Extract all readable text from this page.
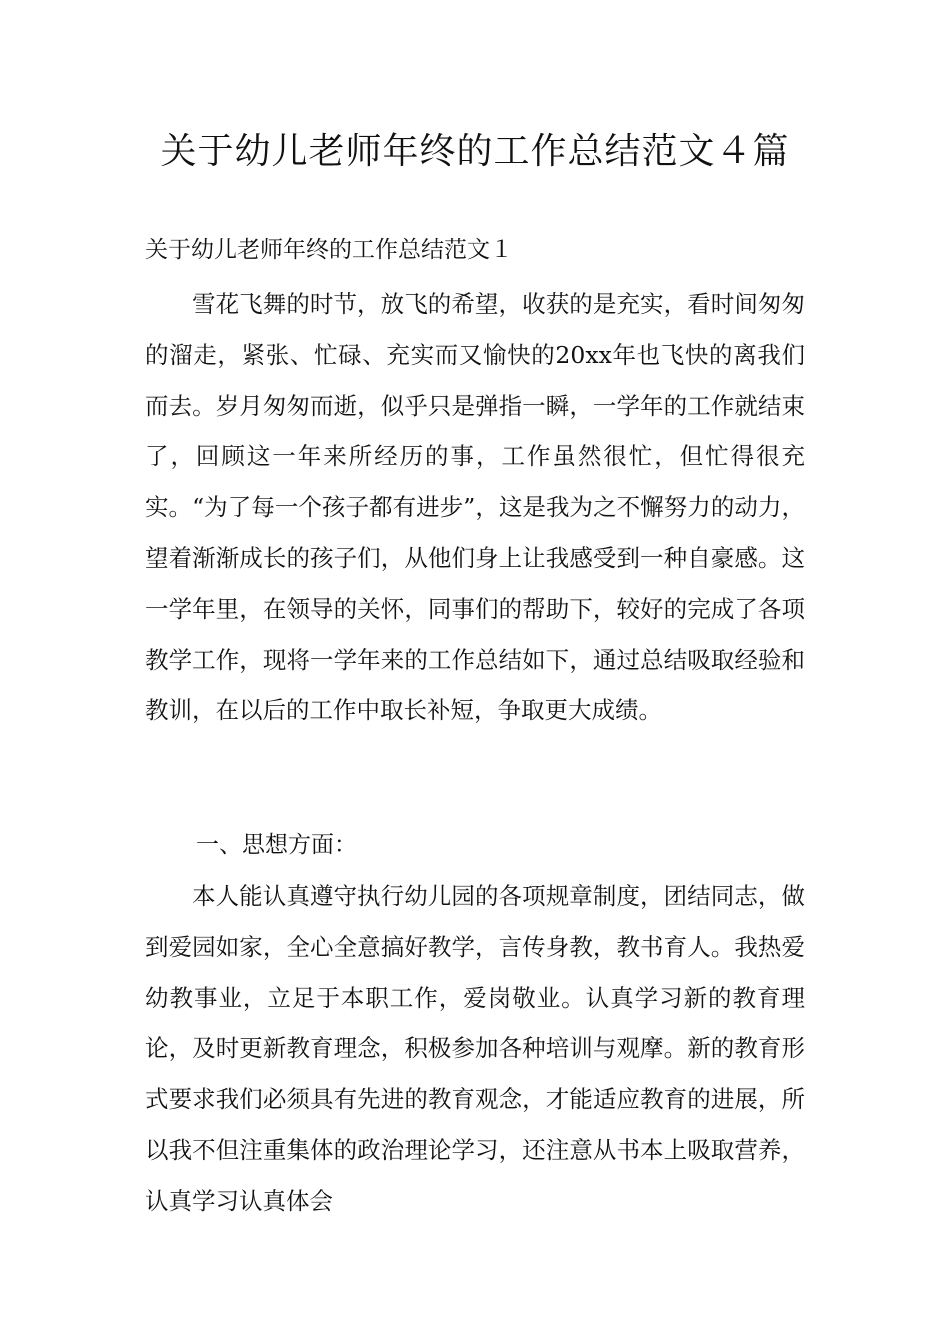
关于幼儿老师年终的工作总结范文４篇
关于幼儿老师年终的工作总结范文１

雪花飞舞的时节，放飞的希望，收获的是充实，看时间匆匆的溜走，紧张、忙碌、充实而又愉快的20xx年也飞快的离我们而去。岁月匆匆而逝，似乎只是弹指一瞬，一学年的工作就结束了，回顾这一年来所经历的事，工作虽然很忙，但忙得很充实。“为了每一个孩子都有进步”，这是我为之不懈努力的动力，望着渐渐成长的孩子们，从他们身上让我感受到一种自豪感。这一学年里，在领导的关怀，同事们的帮助下，较好的完成了各项教学工作，现将一学年来的工作总结如下，通过总结吸取经验和教训，在以后的工作中取长补短，争取更大成绩。

一、思想方面：

本人能认真遵守执行幼儿园的各项规章制度，团结同志，做到爱园如家，全心全意搞好教学，言传身教，教书育人。我热爱幼教事业，立足于本职工作，爱岗敬业。认真学习新的教育理论，及时更新教育理念，积极参加各种培训与观摩。新的教育形式要求我们必须具有先进的教育观念，才能适应教育的进展，所以我不但注重集体的政治理论学习，还注意从书本上吸取营养，认真学习认真体会
